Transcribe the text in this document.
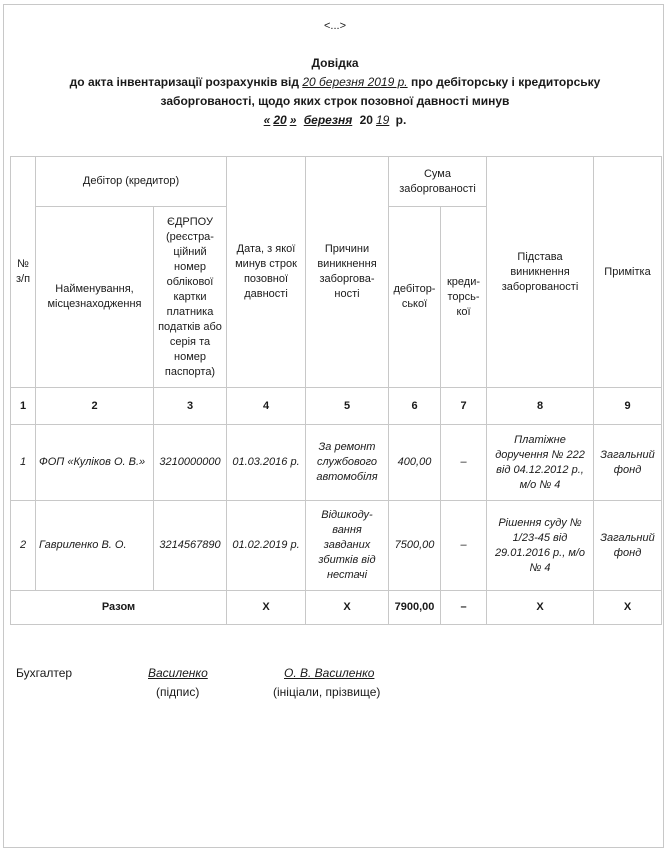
<...>
Довідка
до акта інвентаризації розрахунків від 20 березня 2019 р. про дебіторську і кредиторську
заборгованості, щодо яких строк позовної давності минув
« 20 » березня 20 19 р.
№ з/п	Дебітор (кредитор)		Дата, з якої минув строк позовної давності	Причини виникнення заборгова-ності	Сума заборгованості		Підстава виникнення заборгованості	Примітка
	Найменування, місцезнаходження	ЄДРПОУ (реєстра-ційний номер облікової картки платника податків або серія та номер паспорта)			дебітор-ської	креди-торсь-кої		
1	2	3	4	5	6	7	8	9
1	ФОП «Куліков О. В.»	3210000000	01.03.2016 р.	За ремонт службового автомобіля	400,00	–	Платіжне доручення № 222 від 04.12.2012 р., м/о № 4	Загальний фонд
2	Гавриленко В. О.	3214567890	01.02.2019 р.	Відшкоду-вання завданих збитків від нестачі	7500,00	–	Рішення суду № 1/23-45 від 29.01.2016 р., м/о № 4	Загальний фонд
Разом			Х	Х	7900,00	–	Х	Х
Бухгалтер	Василенко
(підпис)
О. В. Василенко
(ініціали, прізвище)
